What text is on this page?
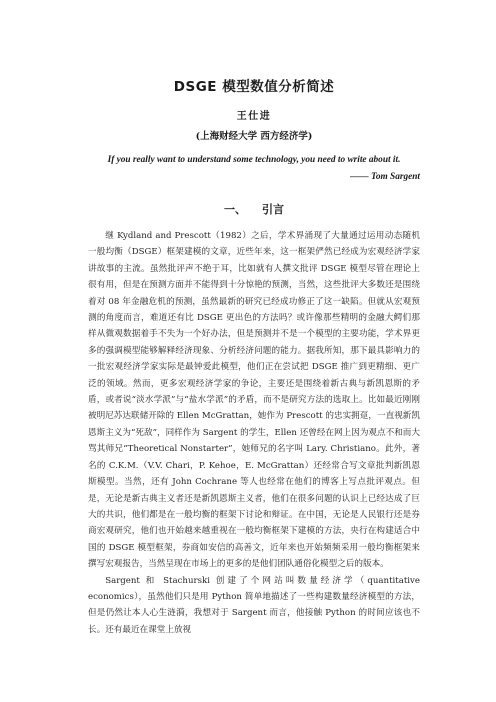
DSGE 模型数值分析简述
王仕进
(上海财经大学 西方经济学)
If you really want to understand some technology, you need to write about it.
—— Tom Sargent
一、 引言

继 Kydland and Prescott（1982）之后，学术界涌现了大量通过运用动态随机一般均衡（DSGE）框架建模的文章，近些年来，这一框架俨然已经成为宏观经济学家讲故事的主流。虽然批评声不绝于耳，比如就有人撰文批评 DSGE 模型尽管在理论上很有用，但是在预测方面并不能得到十分惊艳的预测，当然，这些批评大多数还是围绕着对 08 年金融危机的预测，虽然最新的研究已经成功修正了这一缺陷。但就从宏观预测的角度而言，难道还有比 DSGE 更出色的方法吗？或许像那些精明的金融大鳄们那样从微观数据着手不失为一个好办法，但是预测并不是一个模型的主要功能，学术界更多的强调模型能够解释经济现象、分析经济问题的能力。据我所知，那下最具影响力的一批宏观经济学家实际是最钟爱此模型，他们正在尝试把 DSGE 推广到更精细、更广泛的领域。然而，更多宏观经济学家的争论，主要还是围绕着新古典与新凯恩斯的矛盾，或者说“淡水学派”与“盐水学派”的矛盾，而不是研究方法的选取上。比如最近刚刚被明尼苏达联储开除的 Ellen McGrattan，她作为 Prescott 的忠实拥趸，一直视新凯恩斯主义为“死敌”，同样作为 Sargent 的学生，Ellen 还曾经在网上因为观点不和而大骂其师兄“Theoretical Nonstarter”，她师兄的名字叫 Lary. Christiano。此外，著名的 C.K.M.（V.V. Chari，P. Kehoe，E. McGrattan）还经常合写文章批判新凯恩斯模型。当然，还有 John Cochrane 等人也经常在他们的博客上写点批评观点。但是，无论是新古典主义者还是新凯恩斯主义者，他们在很多问题的认识上已经达成了巨大的共识，他们都是在一般均衡的框架下讨论和辩证。在中国，无论是人民银行还是券商宏观研究，他们也开始越来越重视在一般均衡框架下建模的方法，央行在构建适合中国的 DSGE 模型框架，券商如安信的高善文，近年来也开始频频采用一般均衡框架来撰写宏观报告，当然呈现在市场上的更多的是他们团队通俗化模型之后的版本。

Sargent 和 Stachurski 创建了个网站叫数量经济学（quantitative economics），虽然他们只是用 Python 简单地描述了一些构建数量经济模型的方法，但是仍然让本人心生涟漪，我想对于 Sargent 而言，他接触 Python 的时间应该也不长。还有最近在课堂上放视
